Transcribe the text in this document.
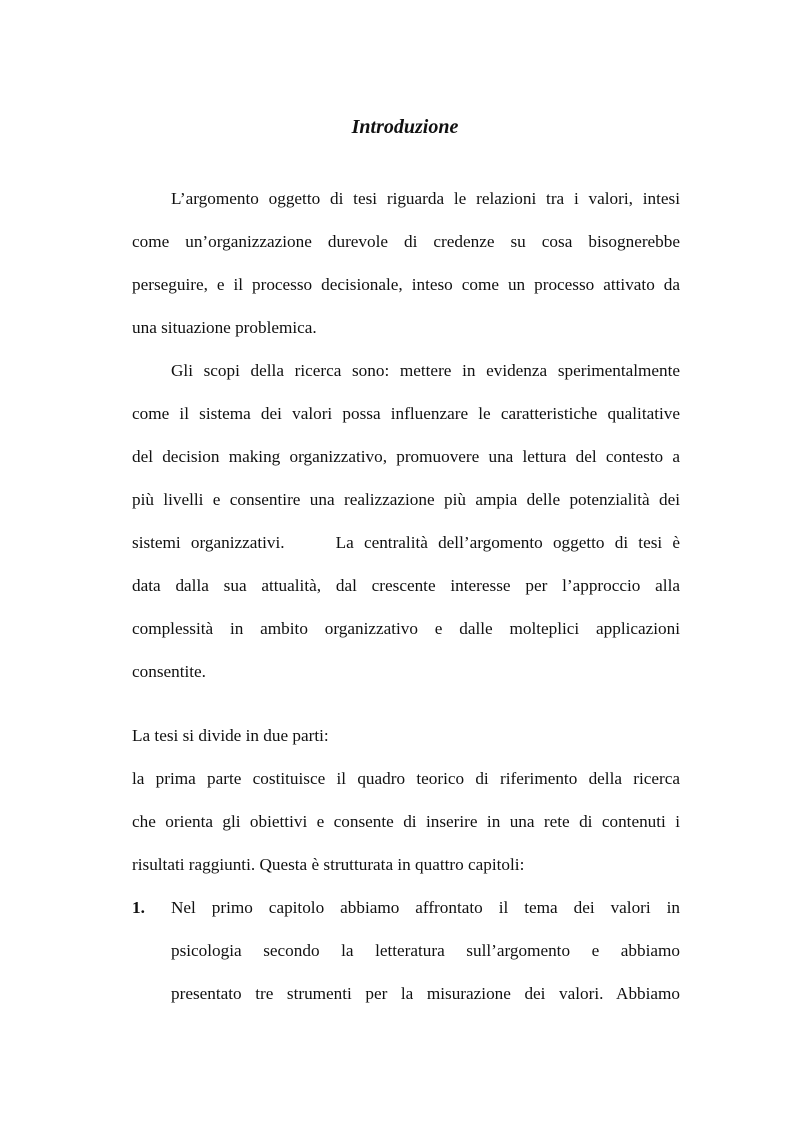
Introduzione
L’argomento oggetto di tesi riguarda le relazioni tra i valori, intesi
come un’organizzazione durevole di credenze su cosa bisognerebbe
perseguire, e il processo decisionale, inteso come un processo attivato da
una situazione problemica.
Gli scopi della ricerca sono: mettere in evidenza sperimentalmente
come il sistema dei valori possa influenzare le caratteristiche qualitative
del decision making organizzativo, promuovere una lettura del contesto a
più livelli e consentire una realizzazione più ampia delle potenzialità dei
sistemi organizzativi.     La centralità dell’argomento oggetto di tesi è
data dalla sua attualità, dal crescente interesse per l’approccio alla
complessità in ambito organizzativo e dalle molteplici applicazioni
consentite.
La tesi si divide in due parti:
la prima parte costituisce il quadro teorico di riferimento della ricerca
che orienta gli obiettivi e consente di inserire in una rete di contenuti i
risultati raggiunti. Questa è strutturata in quattro capitoli:
1. Nel primo capitolo abbiamo affrontato il tema dei valori in
psicologia secondo la letteratura sull’argomento e abbiamo
presentato tre strumenti per la misurazione dei valori. Abbiamo
